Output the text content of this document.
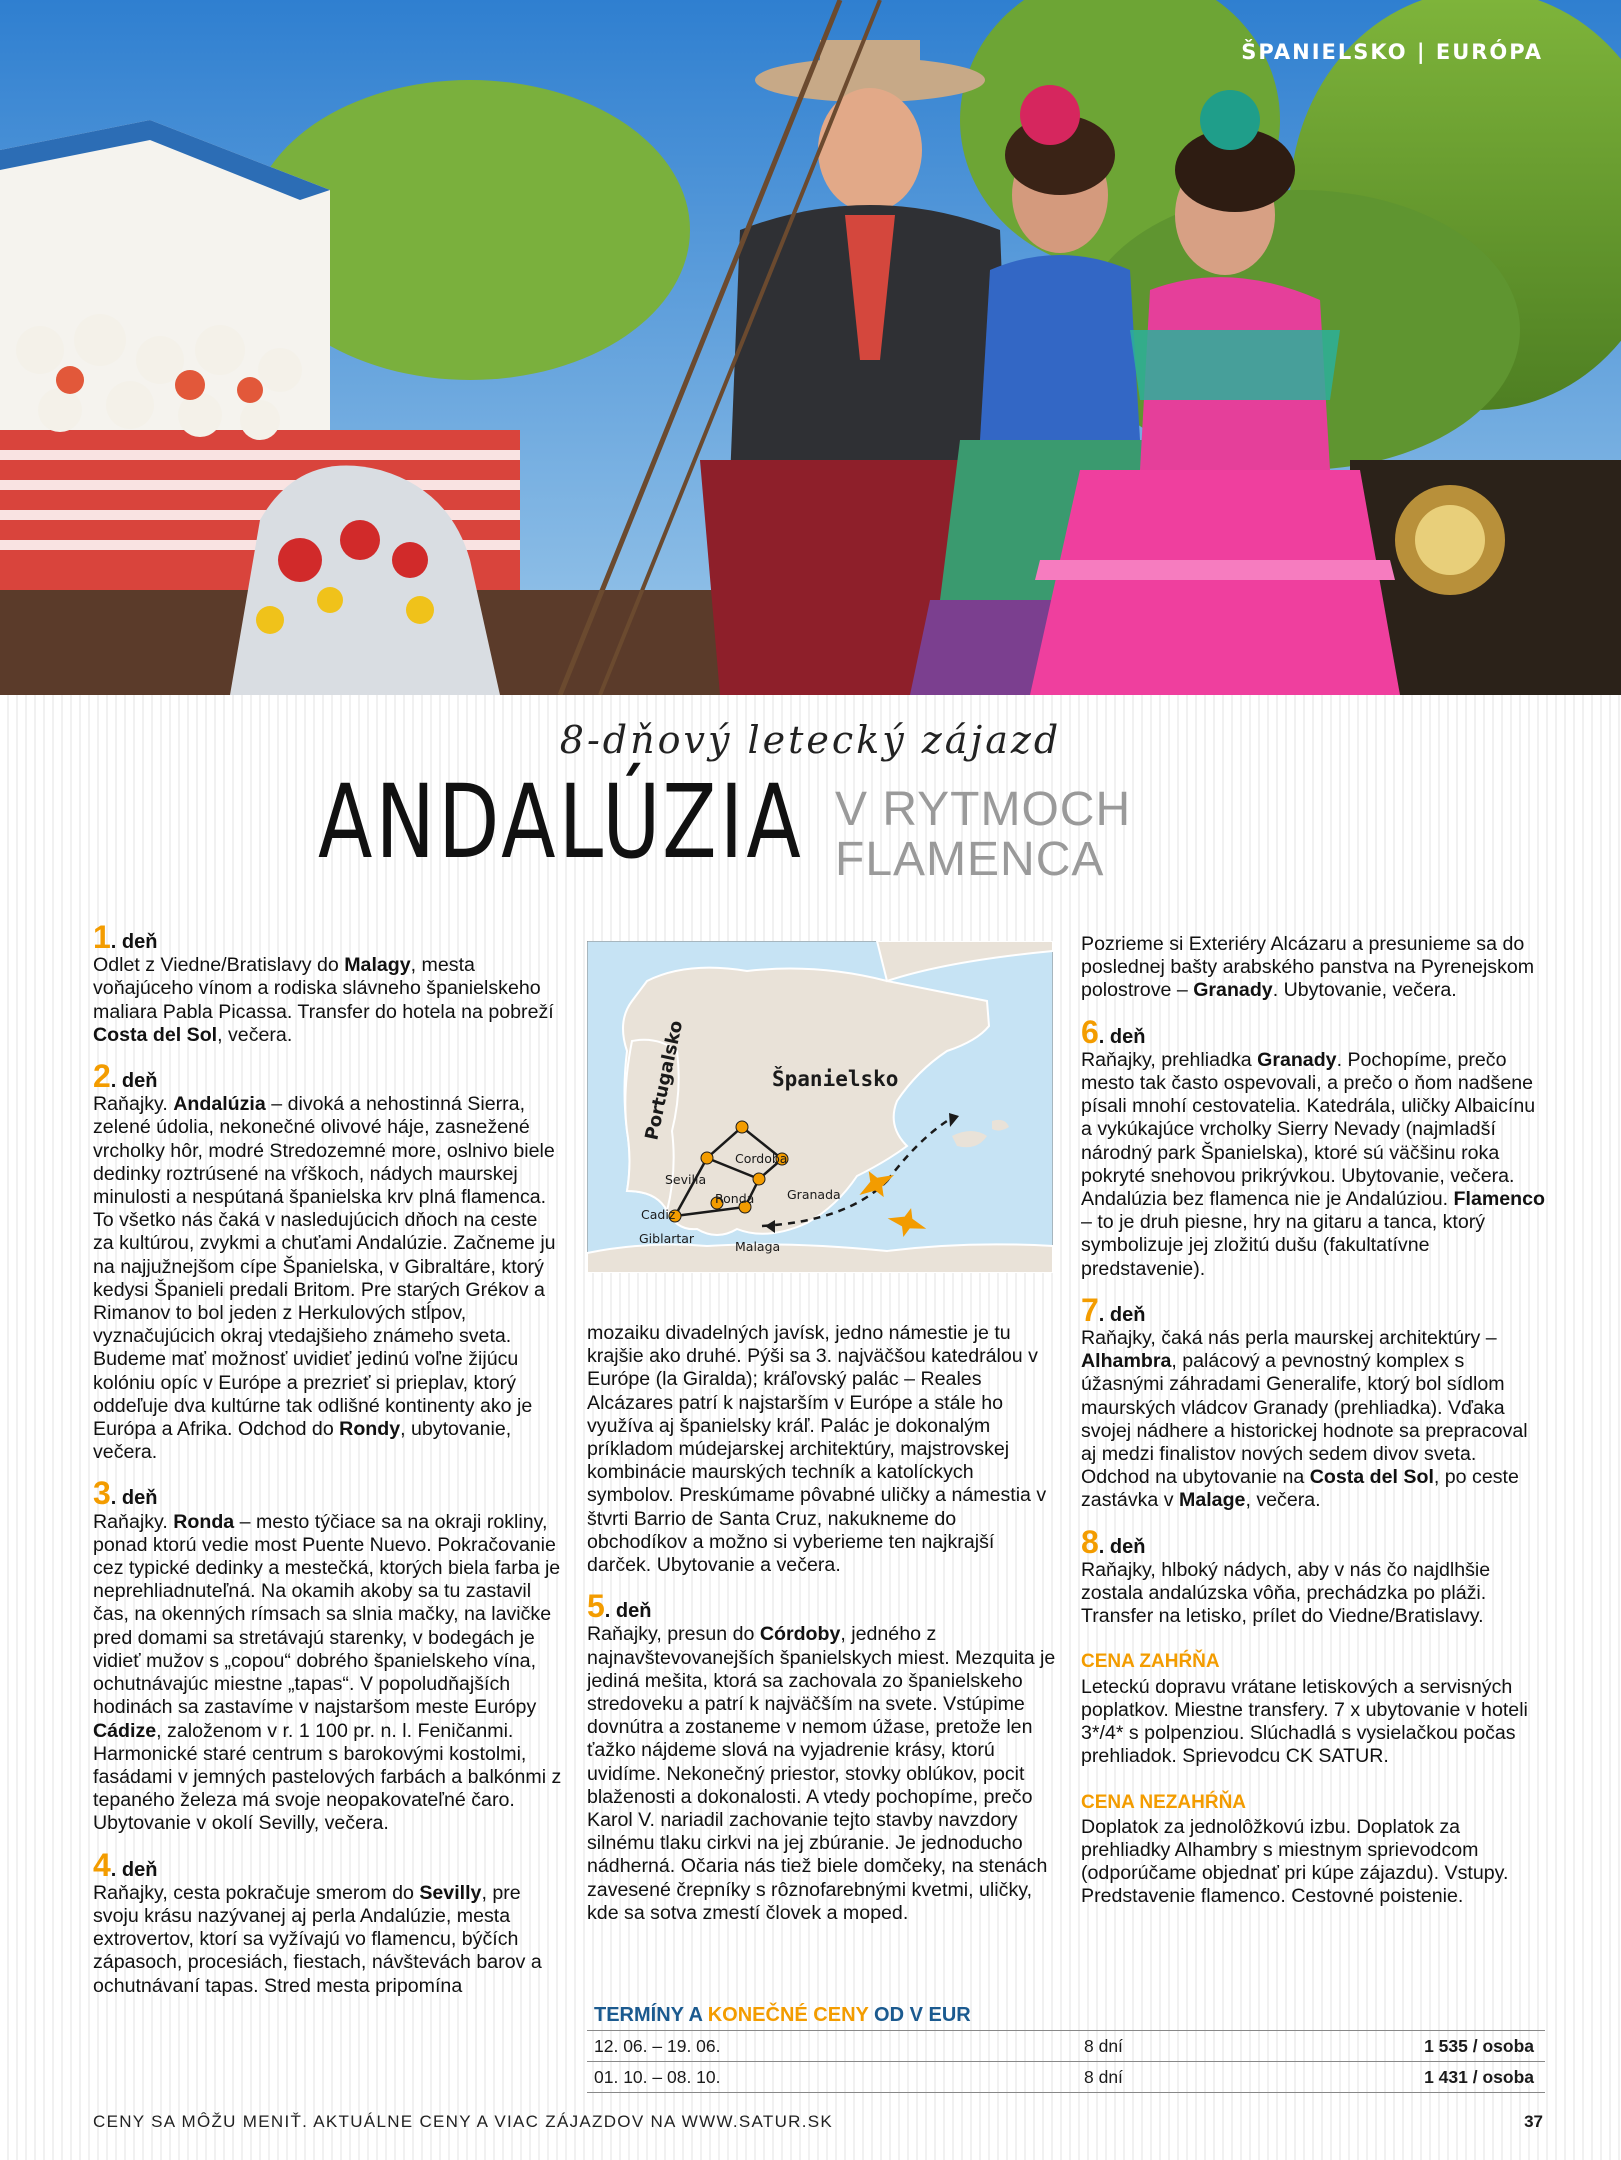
ŠPANIELSKO | EURÓPA
8-dňový letecký zájazd
ANDALÚZIA V RYTMOCH
FLAMENCA
1. deň

Odlet z Viedne/Bratislavy do Malagy, mesta voňajúceho vínom a rodiska slávneho španielskeho maliara Pabla Picassa. Transfer do hotela na pobreží Costa del Sol, večera.

2. deň

Raňajky. Andalúzia – divoká a nehostinná Sierra, zelené údolia, nekonečné olivové háje, zasnežené vrcholky hôr, modré Stredozemné more, oslnivo biele dedinky roztrúsené na vŕškoch, nádych maurskej minulosti a nespútaná španielska krv plná flamenca. To všetko nás čaká v nasledujúcich dňoch na ceste za kultúrou, zvykmi a chuťami Andalúzie. Začneme ju na najjužnejšom cípe Španielska, v Gibraltáre, ktorý kedysi Španieli predali Britom. Pre starých Grékov a Rimanov to bol jeden z Herkulových stĺpov, vyznačujúcich okraj vtedajšieho známeho sveta. Budeme mať možnosť uvidieť jedinú voľne žijúcu kolóniu opíc v Európe a prezrieť si prieplav, ktorý oddeľuje dva kultúrne tak odlišné kontinenty ako je Európa a Afrika. Odchod do Rondy, ubytovanie, večera.

3. deň

Raňajky. Ronda – mesto týčiace sa na okraji rokliny, ponad ktorú vedie most Puente Nuevo. Pokračovanie cez typické dedinky a mestečká, ktorých biela farba je neprehliadnuteľná. Na okamih akoby sa tu zastavil čas, na okenných rímsach sa slnia mačky, na lavičke pred domami sa stretávajú starenky, v bodegách je vidieť mužov s „copou“ dobrého španielskeho vína, ochutnávajúc miestne „tapas“. V popoludňajších hodinách sa zastavíme v najstaršom meste Európy Cádize, založenom v r. 1 100 pr. n. l. Feničanmi. Harmonické staré centrum s barokovými kostolmi, fasádami v jemných pastelových farbách a balkónmi z tepaného železa má svoje neopakovateľné čaro. Ubytovanie v okolí Sevilly, večera.

4. deň

Raňajky, cesta pokračuje smerom do Sevilly, pre svoju krásu nazývanej aj perla Andalúzie, mesta extrovertov, ktorí sa vyžívajú vo flamencu, býčích zápasoch, procesiách, fiestach, návštevách barov a ochutnávaní tapas. Stred mesta pripomína

Španielsko
Portugalsko
Cordoba
Sevilla
Granada
Cadiz
Ronda
Giblartar
Malaga

mozaiku divadelných javísk, jedno námestie je tu krajšie ako druhé. Pýši sa 3. najväčšou katedrálou v Európe (la Giralda); kráľovský palác – Reales Alcázares patrí k najstarším v Európe a stále ho využíva aj španielsky kráľ. Palác je dokonalým príkladom múdejarskej architektúry, majstrovskej kombinácie maurských techník a katolíckych symbolov. Preskúmame pôvabné uličky a námestia v štvrti Barrio de Santa Cruz, nakukneme do obchodíkov a možno si vyberieme ten najkrajší darček. Ubytovanie a večera.

5. deň

Raňajky, presun do Córdoby, jedného z najnavštevovanejších španielskych miest. Mezquita je jediná mešita, ktorá sa zachovala zo španielskeho stredoveku a patrí k najväčším na svete. Vstúpime dovnútra a zostaneme v nemom úžase, pretože len ťažko nájdeme slová na vyjadrenie krásy, ktorú uvidíme. Nekonečný priestor, stovky oblúkov, pocit blaženosti a dokonalosti. A vtedy pochopíme, prečo Karol V. nariadil zachovanie tejto stavby navzdory silnému tlaku cirkvi na jej zbúranie. Je jednoducho nádherná. Očaria nás tiež biele domčeky, na stenách zavesené črepníky s rôznofarebnými kvetmi, uličky, kde sa sotva zmestí človek a moped.

Pozrieme si Exteriéry Alcázaru a presunieme sa do poslednej bašty arabského panstva na Pyrenejskom polostrove – Granady. Ubytovanie, večera.

6. deň

Raňajky, prehliadka Granady. Pochopíme, prečo mesto tak často ospevovali, a prečo o ňom nadšene písali mnohí cestovatelia. Katedrála, uličky Albaicínu a vykúkajúce vrcholky Sierry Nevady (najmladší národný park Španielska), ktoré sú väčšinu roka pokryté snehovou prikrývkou. Ubytovanie, večera. Andalúzia bez flamenca nie je Andalúziou. Flamenco – to je druh piesne, hry na gitaru a tanca, ktorý symbolizuje jej zložitú dušu (fakultatívne predstavenie).

7. deň

Raňajky, čaká nás perla maurskej architektúry – Alhambra, palácový a pevnostný komplex s úžasnými záhradami Generalife, ktorý bol sídlom maurských vládcov Granady (prehliadka). Vďaka svojej nádhere a historickej hodnote sa prepracoval aj medzi finalistov nových sedem divov sveta. Odchod na ubytovanie na Costa del Sol, po ceste zastávka v Malage, večera.

8. deň

Raňajky, hlboký nádych, aby v nás čo najdlhšie zostala andalúzska vôňa, prechádzka po pláži. Transfer na letisko, prílet do Viedne/Bratislavy.

CENA ZAHŔŇA

Leteckú dopravu vrátane letiskových a servisných poplatkov. Miestne transfery. 7 x ubytovanie v hoteli 3*/4* s polpenziou. Slúchadlá s vysielačkou počas prehliadok. Sprievodcu CK SATUR.

CENA NEZAHŔŇA

Doplatok za jednolôžkovú izbu. Doplatok za prehliadky Alhambry s miestnym sprievodcom (odporúčame objednať pri kúpe zájazdu). Vstupy. Predstavenie flamenco. Cestovné poistenie.

TERMÍNY A KONEČNÉ CENY OD V EUR
12. 06. – 19. 06.	8 dní	1 535 / osoba
01. 10. – 08. 10.	8 dní	1 431 / osoba
CENY SA MÔŽU MENIŤ. AKTUÁLNE CENY A VIAC ZÁJAZDOV NA WWW.SATUR.SK	37
